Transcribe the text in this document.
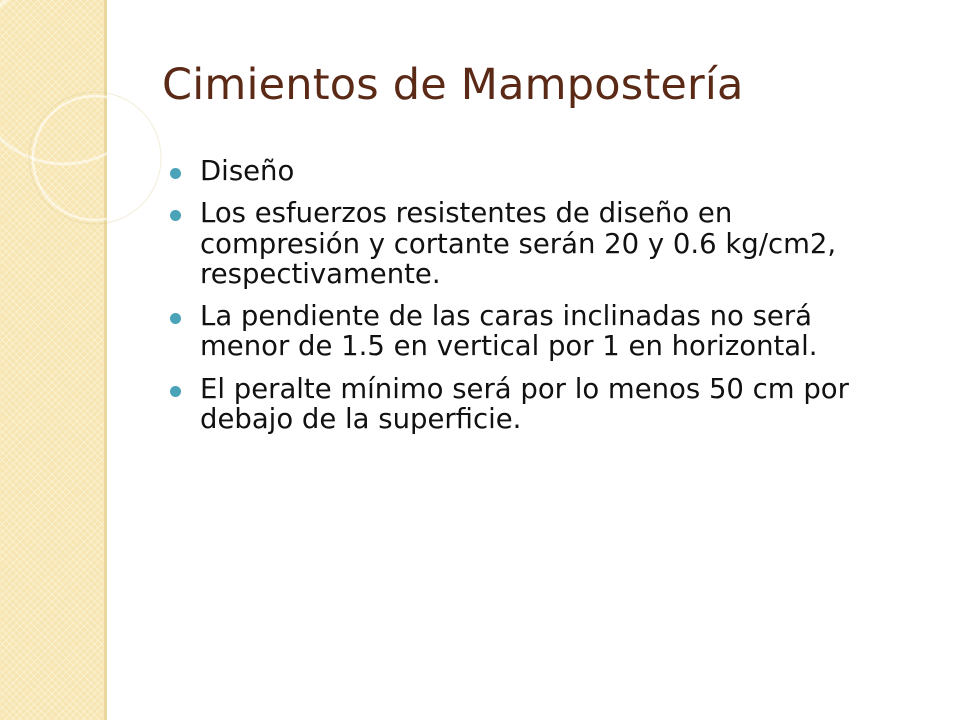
Cimientos de Mampostería
Diseño
Los esfuerzos resistentes de diseño en compresión y cortante serán 20 y 0.6 kg/cm2, respectivamente.
La pendiente de las caras inclinadas no será menor de 1.5 en vertical por 1 en horizontal.
El peralte mínimo será por lo menos 50 cm por debajo de la superficie.
